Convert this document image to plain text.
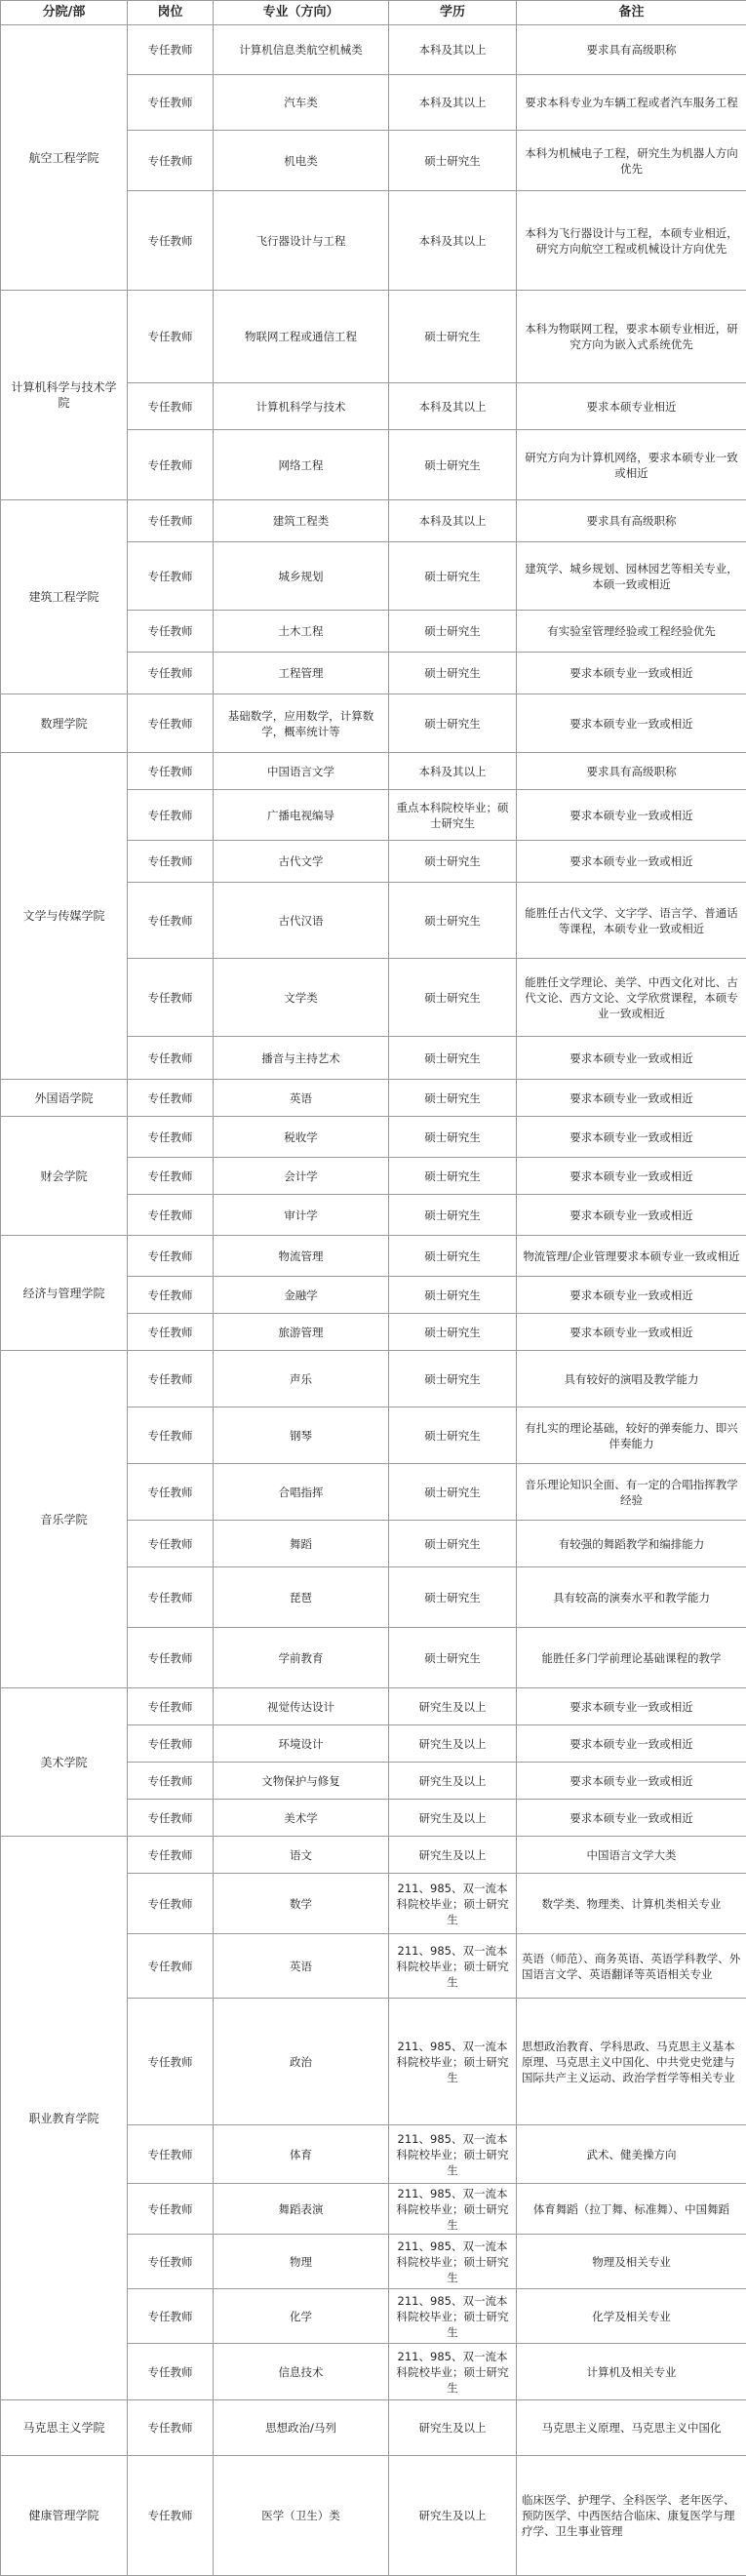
分院/部	岗位	专业（方向）	学历	备注
航空工程学院	专任教师	计算机信息类航空机械类	本科及其以上	要求具有高级职称
	专任教师	汽车类	本科及其以上	要求本科专业为车辆工程或者汽车服务工程
	专任教师	机电类	硕士研究生	本科为机械电子工程，研究生为机器人方向优先
	专任教师	飞行器设计与工程	本科及其以上	本科为飞行器设计与工程，本硕专业相近，研究方向航空工程或机械设计方向优先
计算机科学与技术学院	专任教师	物联网工程或通信工程	硕士研究生	本科为物联网工程，要求本硕专业相近，研究方向为嵌入式系统优先
	专任教师	计算机科学与技术	本科及其以上	要求本硕专业相近
	专任教师	网络工程	硕士研究生	研究方向为计算机网络，要求本硕专业一致或相近
建筑工程学院	专任教师	建筑工程类	本科及其以上	要求具有高级职称
	专任教师	城乡规划	硕士研究生	建筑学、城乡规划、园林园艺等相关专业，本硕一致或相近
	专任教师	土木工程	硕士研究生	有实验室管理经验或工程经验优先
	专任教师	工程管理	硕士研究生	要求本硕专业一致或相近
数理学院	专任教师	基础数学，应用数学，计算数学，概率统计等	硕士研究生	要求本硕专业一致或相近
文学与传媒学院	专任教师	中国语言文学	本科及其以上	要求具有高级职称
	专任教师	广播电视编导	重点本科院校毕业；硕士研究生	要求本硕专业一致或相近
	专任教师	古代文学	硕士研究生	要求本硕专业一致或相近
	专任教师	古代汉语	硕士研究生	能胜任古代文学、文字学、语言学、普通话等课程，本硕专业一致或相近
	专任教师	文学类	硕士研究生	能胜任文学理论、美学、中西文化对比、古代文论、西方文论、文学欣赏课程，本硕专业一致或相近
	专任教师	播音与主持艺术	硕士研究生	要求本硕专业一致或相近
外国语学院	专任教师	英语	硕士研究生	要求本硕专业一致或相近
财会学院	专任教师	税收学	硕士研究生	要求本硕专业一致或相近
	专任教师	会计学	硕士研究生	要求本硕专业一致或相近
	专任教师	审计学	硕士研究生	要求本硕专业一致或相近
经济与管理学院	专任教师	物流管理	硕士研究生	物流管理/企业管理要求本硕专业一致或相近
	专任教师	金融学	硕士研究生	要求本硕专业一致或相近
	专任教师	旅游管理	硕士研究生	要求本硕专业一致或相近
音乐学院	专任教师	声乐	硕士研究生	具有较好的演唱及教学能力
	专任教师	钢琴	硕士研究生	有扎实的理论基础，较好的弹奏能力、即兴伴奏能力
	专任教师	合唱指挥	硕士研究生	音乐理论知识全面、有一定的合唱指挥教学经验
	专任教师	舞蹈	硕士研究生	有较强的舞蹈教学和编排能力
	专任教师	琵琶	硕士研究生	具有较高的演奏水平和教学能力
	专任教师	学前教育	硕士研究生	能胜任多门学前理论基础课程的教学
美术学院	专任教师	视觉传达设计	研究生及以上	要求本硕专业一致或相近
	专任教师	环境设计	研究生及以上	要求本硕专业一致或相近
	专任教师	文物保护与修复	研究生及以上	要求本硕专业一致或相近
	专任教师	美术学	研究生及以上	要求本硕专业一致或相近
职业教育学院	专任教师	语文	研究生及以上	中国语言文学大类
	专任教师	数学	211、985、双一流本科院校毕业；硕士研究生	数学类、物理类、计算机类相关专业
	专任教师	英语	211、985、双一流本科院校毕业；硕士研究生	英语（师范）、商务英语、英语学科教学、外国语言文学、英语翻译等英语相关专业
	专任教师	政治	211、985、双一流本科院校毕业；硕士研究生	思想政治教育、学科思政、马克思主义基本原理、马克思主义中国化、中共党史党建与国际共产主义运动、政治学哲学等相关专业
	专任教师	体育	211、985、双一流本科院校毕业；硕士研究生	武术、健美操方向
	专任教师	舞蹈表演	211、985、双一流本科院校毕业；硕士研究生	体育舞蹈（拉丁舞、标准舞）、中国舞蹈
	专任教师	物理	211、985、双一流本科院校毕业；硕士研究生	物理及相关专业
	专任教师	化学	211、985、双一流本科院校毕业；硕士研究生	化学及相关专业
	专任教师	信息技术	211、985、双一流本科院校毕业；硕士研究生	计算机及相关专业
马克思主义学院	专任教师	思想政治/马列	研究生及以上	马克思主义原理、马克思主义中国化
健康管理学院	专任教师	医学（卫生）类	研究生及以上	临床医学、护理学、全科医学、老年医学、预防医学、中西医结合临床、康复医学与理疗学、卫生事业管理
